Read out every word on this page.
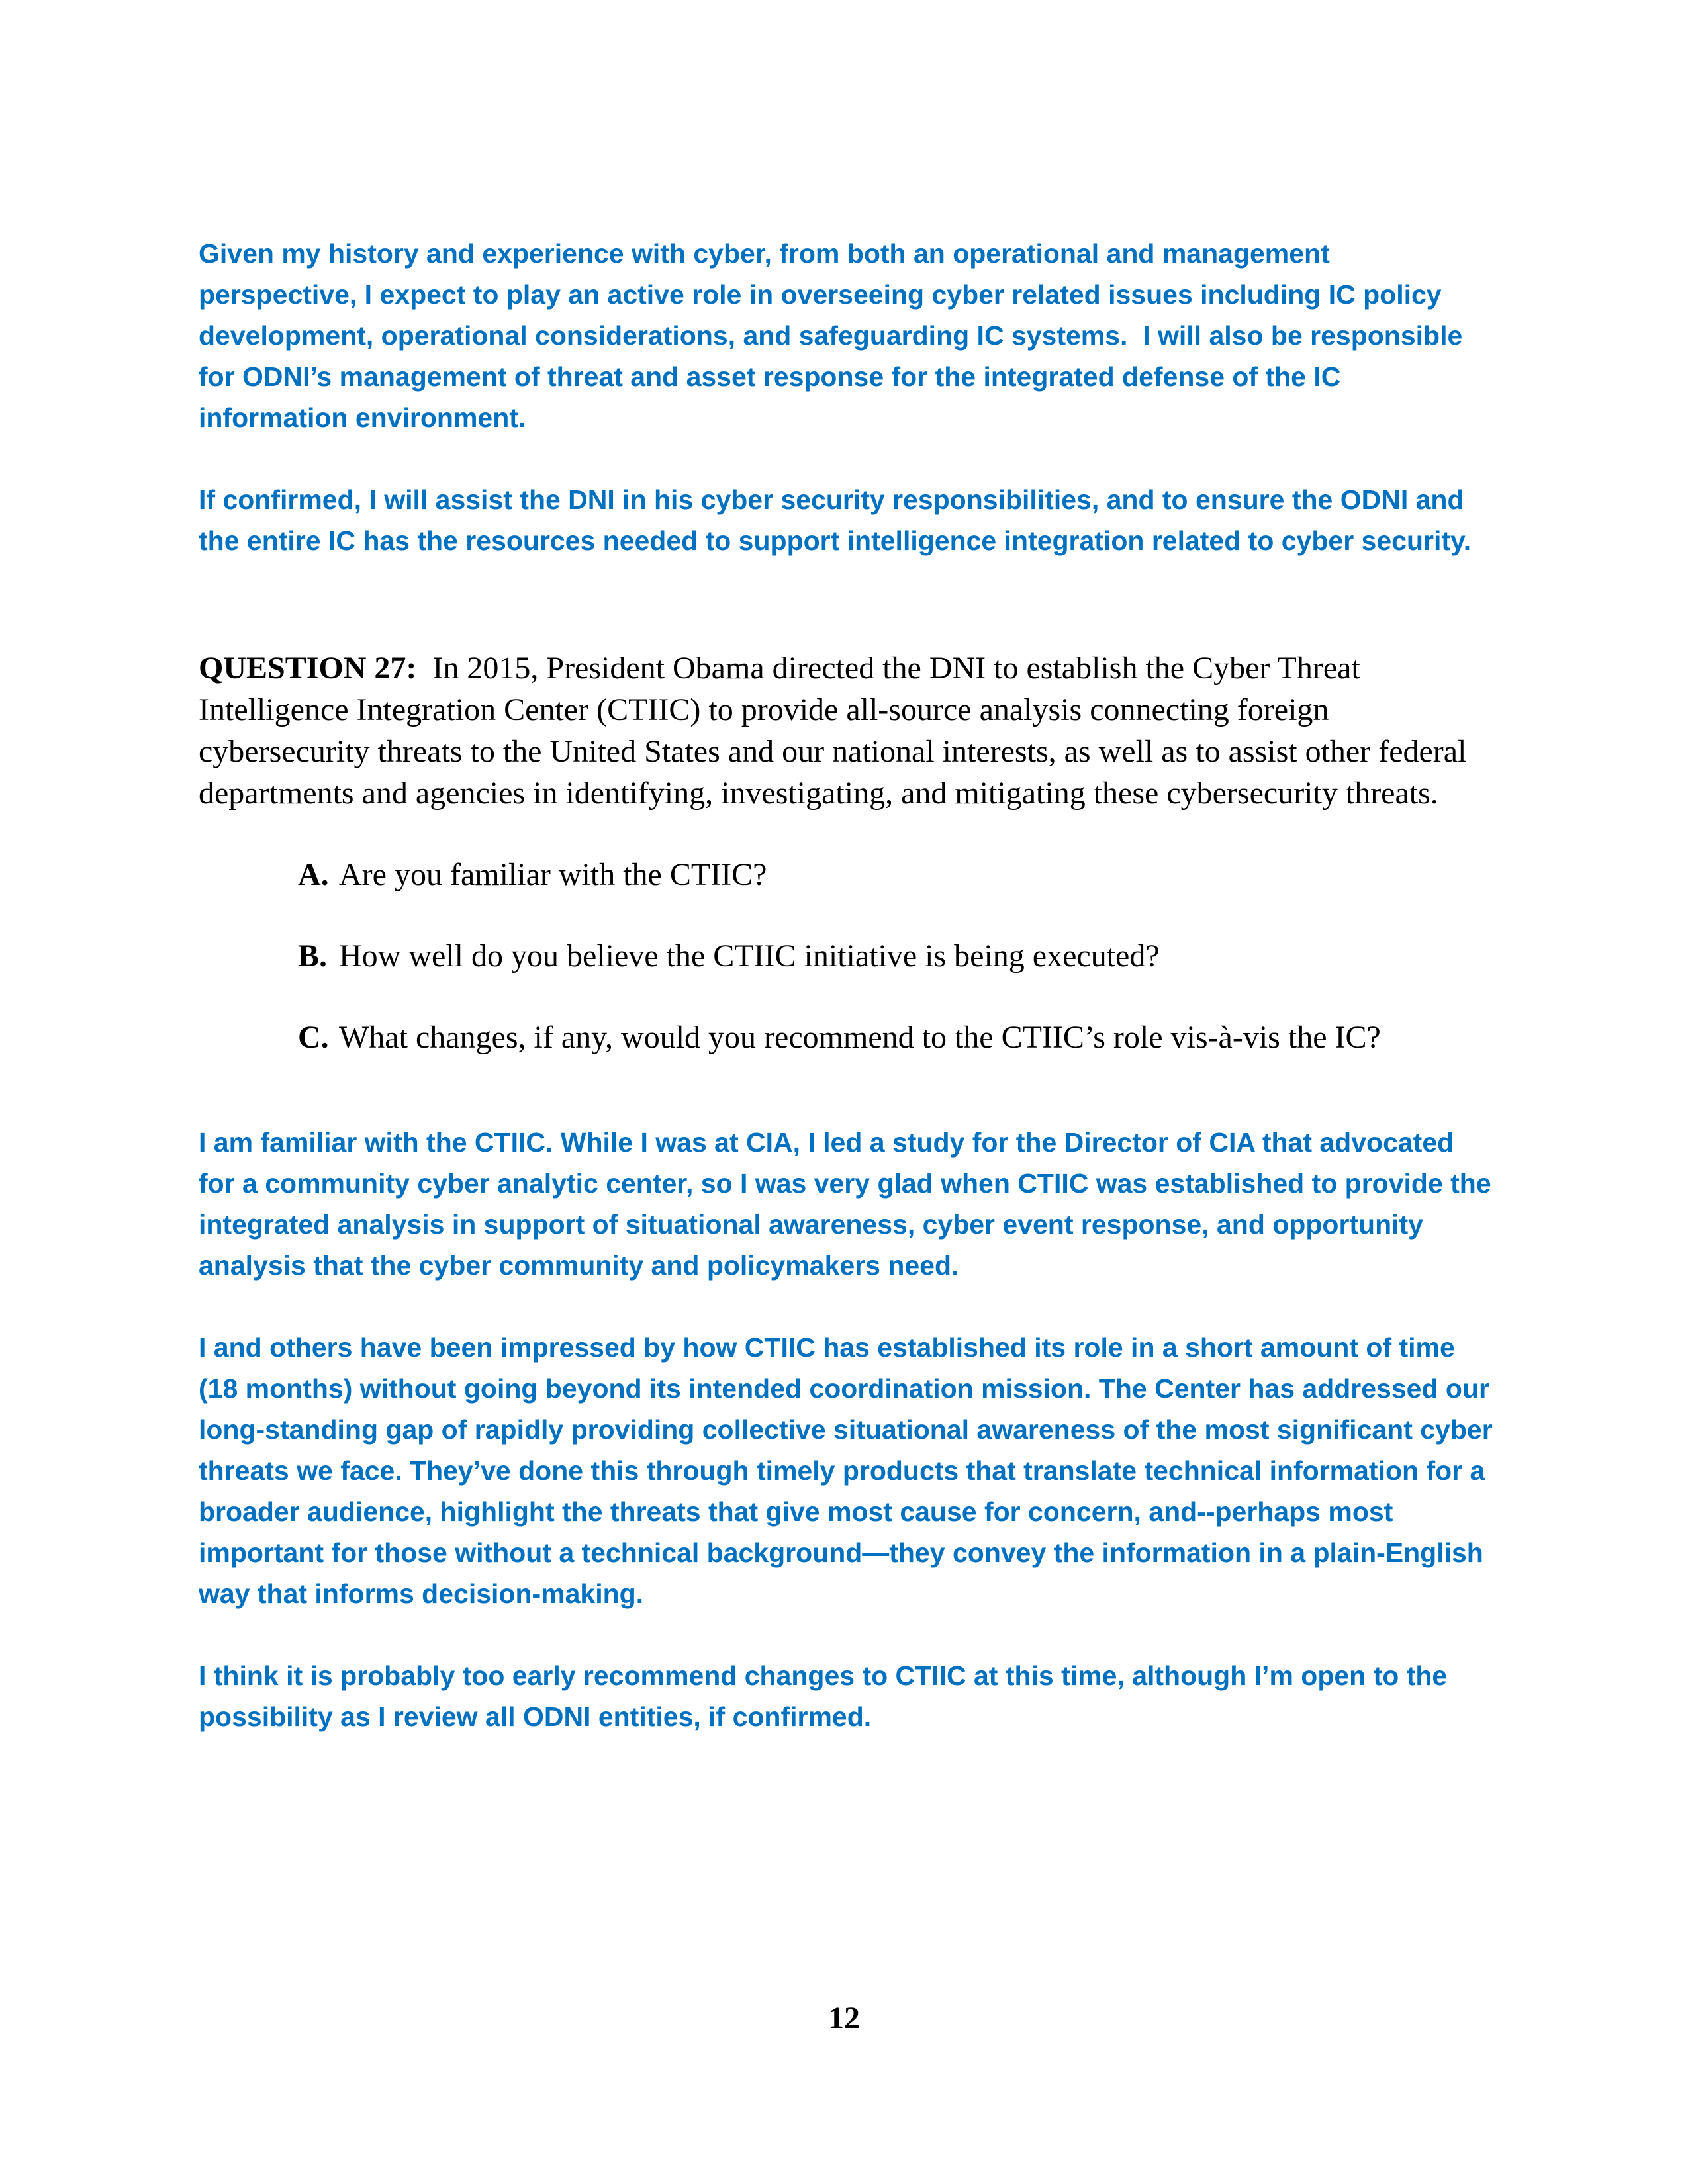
Given my history and experience with cyber, from both an operational and management perspective, I expect to play an active role in overseeing cyber related issues including IC policy development, operational considerations, and safeguarding IC systems.  I will also be responsible for ODNI’s management of threat and asset response for the integrated defense of the IC information environment.

If confirmed, I will assist the DNI in his cyber security responsibilities, and to ensure the ODNI and the entire IC has the resources needed to support intelligence integration related to cyber security.

QUESTION 27:  In 2015, President Obama directed the DNI to establish the Cyber Threat Intelligence Integration Center (CTIIC) to provide all-source analysis connecting foreign cybersecurity threats to the United States and our national interests, as well as to assist other federal departments and agencies in identifying, investigating, and mitigating these cybersecurity threats.

A. Are you familiar with the CTIIC?
B. How well do you believe the CTIIC initiative is being executed?
C. What changes, if any, would you recommend to the CTIIC’s role vis-à-vis the IC?

I am familiar with the CTIIC. While I was at CIA, I led a study for the Director of CIA that advocated for a community cyber analytic center, so I was very glad when CTIIC was established to provide the integrated analysis in support of situational awareness, cyber event response, and opportunity analysis that the cyber community and policymakers need.

I and others have been impressed by how CTIIC has established its role in a short amount of time (18 months) without going beyond its intended coordination mission. The Center has addressed our long-standing gap of rapidly providing collective situational awareness of the most significant cyber threats we face. They’ve done this through timely products that translate technical information for a broader audience, highlight the threats that give most cause for concern, and--perhaps most important for those without a technical background—they convey the information in a plain-English way that informs decision-making.

I think it is probably too early recommend changes to CTIIC at this time, although I’m open to the possibility as I review all ODNI entities, if confirmed.

12
